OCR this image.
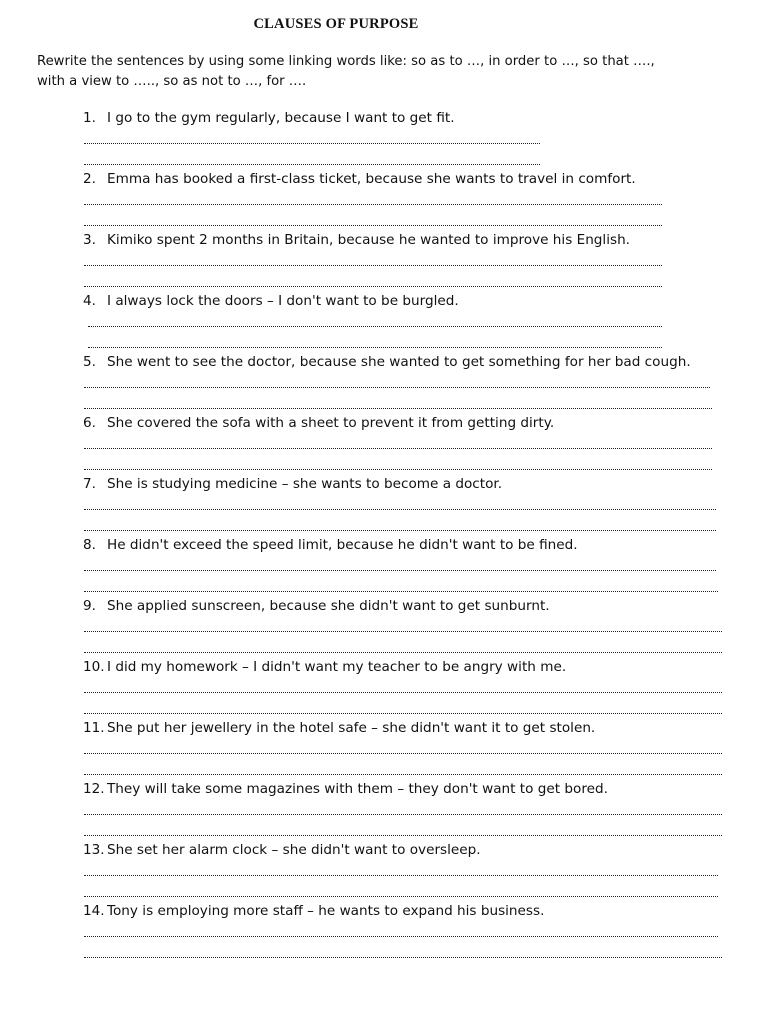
CLAUSES OF PURPOSE
Rewrite the sentences by using some linking words like: so as to …, in order to …, so that ….,
with a view to ….., so as not to …, for ….
1. I go to the gym regularly, because I want to get fit.
2. Emma has booked a first-class ticket, because she wants to travel in comfort.
3. Kimiko spent 2 months in Britain, because he wanted to improve his English.
4. I always lock the doors – I don't want to be burgled.
5. She went to see the doctor, because she wanted to get something for her bad cough.
6. She covered the sofa with a sheet to prevent it from getting dirty.
7. She is studying medicine – she wants to become a doctor.
8. He didn't exceed the speed limit, because he didn't want to be fined.
9. She applied sunscreen, because she didn't want to get sunburnt.
10. I did my homework – I didn't want my teacher to be angry with me.
11. She put her jewellery in the hotel safe – she didn't want it to get stolen.
12. They will take some magazines with them – they don't want to get bored.
13. She set her alarm clock – she didn't want to oversleep.
14. Tony is employing more staff – he wants to expand his business.
